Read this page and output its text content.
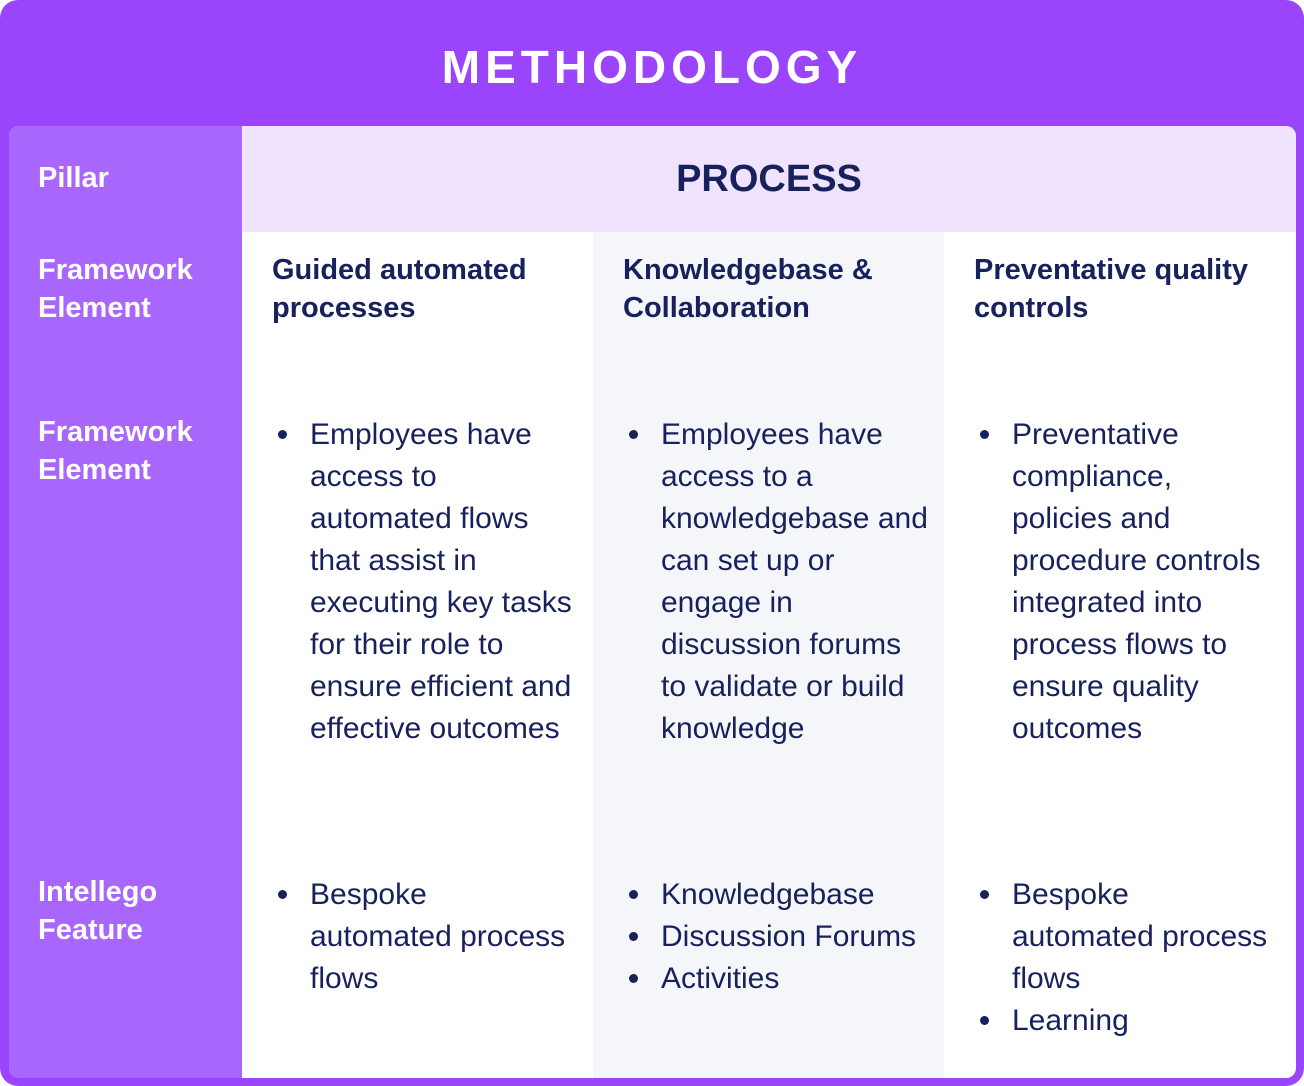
METHODOLOGY
Pillar
Framework Element
Framework Element
Intellego Feature
PROCESS
Guided automated processes
Knowledgebase & Collaboration
Preventative quality controls
Employees have access to automated flows that assist in executing key tasks for their role to ensure efficient and effective outcomes
Employees have access to a knowledgebase and can set up or engage in discussion forums to validate or build knowledge
Preventative compliance, policies and procedure controls integrated into process flows to ensure quality outcomes
Bespoke automated process flows
Knowledgebase
Discussion Forums
Activities
Bespoke automated process flows
Learning
